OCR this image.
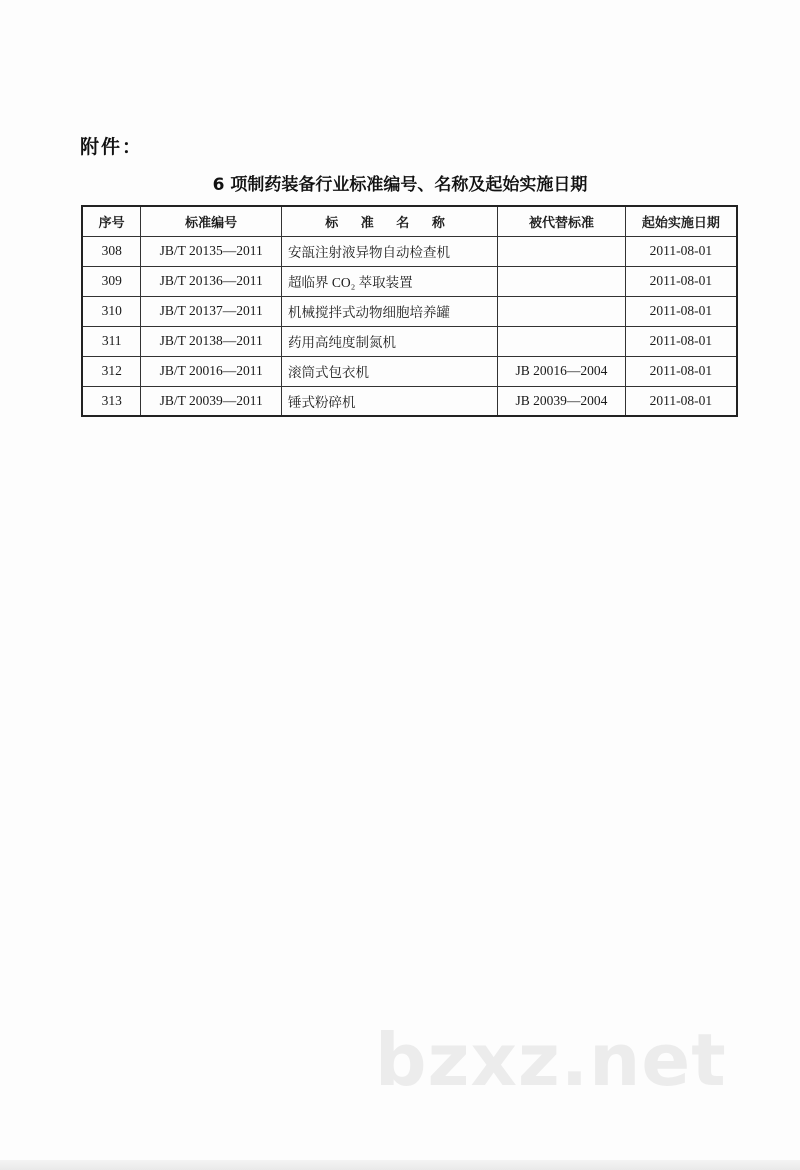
附件：
6 项制药装备行业标准编号、名称及起始实施日期
序号	标准编号	标 准 名 称	被代替标准	起始实施日期
308	JB/T 20135—2011	安瓿注射液异物自动检查机		2011-08-01
309	JB/T 20136—2011	超临界 CO₂ 萃取装置		2011-08-01
310	JB/T 20137—2011	机械搅拌式动物细胞培养罐		2011-08-01
311	JB/T 20138—2011	药用高纯度制氮机		2011-08-01
312	JB/T 20016—2011	滚筒式包衣机	JB 20016—2004	2011-08-01
313	JB/T 20039—2011	锤式粉碎机	JB 20039—2004	2011-08-01
bzxz.net
